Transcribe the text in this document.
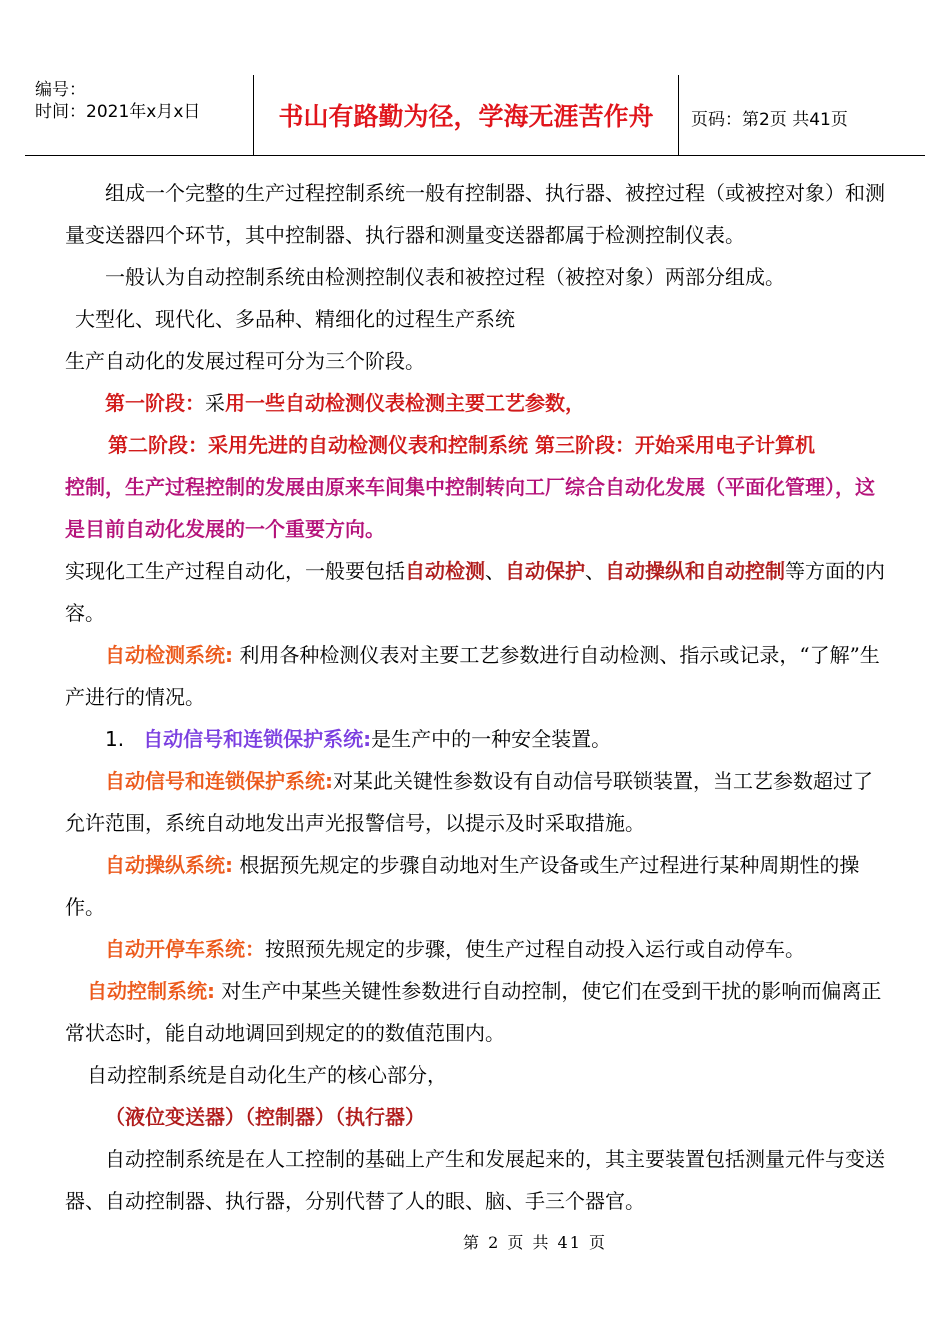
编号：
时间：2021年x月x日	书山有路勤为径，学海无涯苦作舟	页码：第2页 共41页

组成一个完整的生产过程控制系统一般有控制器、执行器、被控过程（或被控对象）和测量变送器四个环节，其中控制器、执行器和测量变送器都属于检测控制仪表。

一般认为自动控制系统由检测控制仪表和被控过程（被控对象）两部分组成。

大型化、现代化、多品种、精细化的过程生产系统

生产自动化的发展过程可分为三个阶段。

第一阶段：采用一些自动检测仪表检测主要工艺参数，

第二阶段：采用先进的自动检测仪表和控制系统 第三阶段：开始采用电子计算机

控制，生产过程控制的发展由原来车间集中控制转向工厂综合自动化发展（平面化管理），这是目前自动化发展的一个重要方向。

实现化工生产过程自动化，一般要包括自动检测、自动保护、自动操纵和自动控制等方面的内容。

自动检测系统: 利用各种检测仪表对主要工艺参数进行自动检测、指示或记录，“了解”生产进行的情况。

1. 自动信号和连锁保护系统:是生产中的一种安全装置。

自动信号和连锁保护系统:对某此关键性参数设有自动信号联锁装置，当工艺参数超过了允许范围，系统自动地发出声光报警信号，以提示及时采取措施。

自动操纵系统: 根据预先规定的步骤自动地对生产设备或生产过程进行某种周期性的操作。

自动开停车系统：按照预先规定的步骤，使生产过程自动投入运行或自动停车。

自动控制系统: 对生产中某些关键性参数进行自动控制，使它们在受到干扰的影响而偏离正常状态时，能自动地调回到规定的的数值范围内。

自动控制系统是自动化生产的核心部分，

（液位变送器）（控制器）（执行器）

自动控制系统是在人工控制的基础上产生和发展起来的，其主要装置包括测量元件与变送器、自动控制器、执行器，分别代替了人的眼、脑、手三个器官。

第 2 页 共 41 页
